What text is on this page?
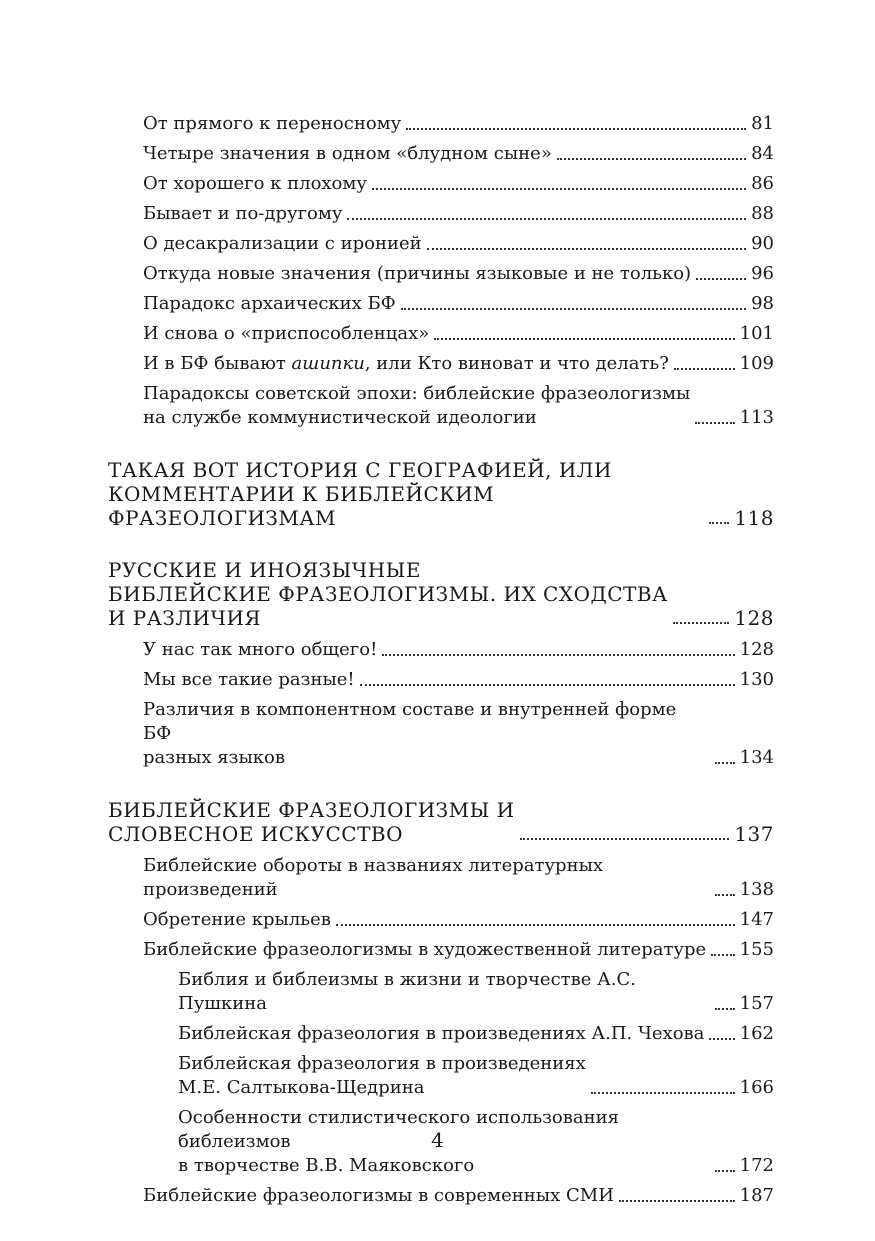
От прямого к переносному	81
Четыре значения в одном «блудном сыне»	84
От хорошего к плохому	86
Бывает и по-другому	88
О десакрализации с иронией	90
Откуда новые значения (причины языковые и не только)	96
Парадокс архаических БФ	98
И снова о «приспособленцах»	101
И в БФ бывают ашипки, или Кто виноват и что делать?	109
Парадоксы советской эпохи: библейские фразеологизмы
на службе коммунистической идеологии	113
ТАКАЯ ВОТ ИСТОРИЯ С ГЕОГРАФИЕЙ, ИЛИ
КОММЕНТАРИИ К БИБЛЕЙСКИМ ФРАЗЕОЛОГИЗМАМ	118
РУССКИЕ И ИНОЯЗЫЧНЫЕ
БИБЛЕЙСКИЕ ФРАЗЕОЛОГИЗМЫ. ИХ СХОДСТВА
И РАЗЛИЧИЯ	128
У нас так много общего!	128
Мы все такие разные!	130
Различия в компонентном составе и внутренней форме БФ
разных языков	134
БИБЛЕЙСКИЕ ФРАЗЕОЛОГИЗМЫ И
СЛОВЕСНОЕ ИСКУССТВО	137
Библейские обороты в названиях литературных произведений	138
Обретение крыльев	147
Библейские фразеологизмы в художественной литературе 155
Библия и библеизмы в жизни и творчестве А.С. Пушкина	157
Библейская фразеология в произведениях А.П. Чехова 162
Библейская фразеология в произведениях
М.Е. Салтыкова-Щедрина	166
Особенности стилистического использования библеизмов
в творчестве В.В. Маяковского	172
Библейские фразеологизмы в современных СМИ	187
4
